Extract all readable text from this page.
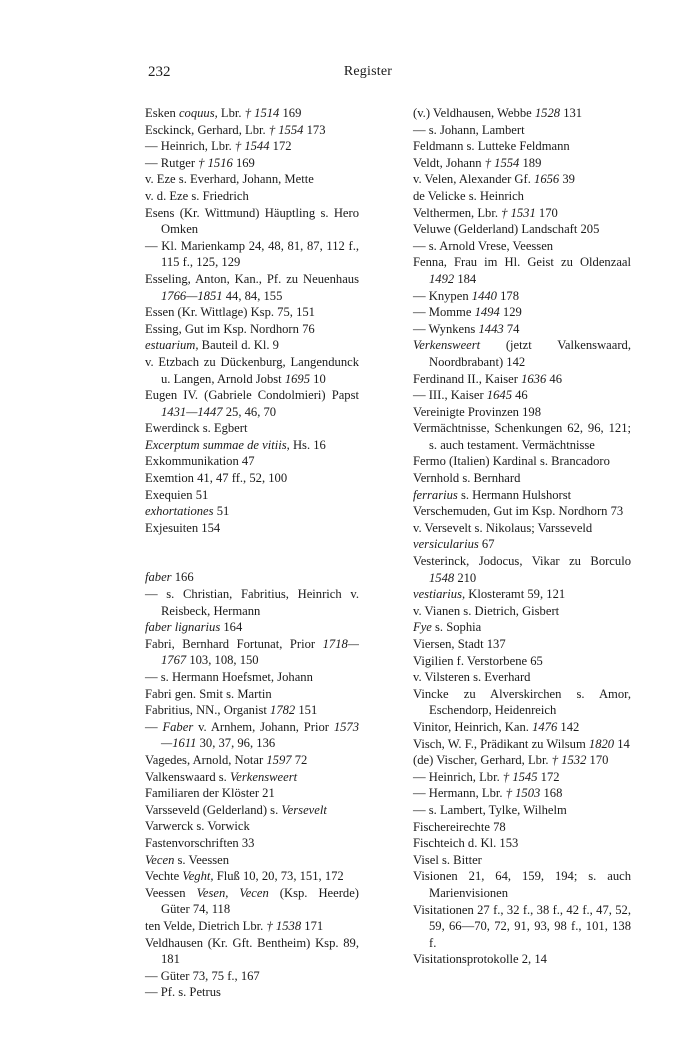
232	Register

Esken coquus, Lbr. † 1514 169

Esckinck, Gerhard, Lbr. † 1554 173

— Heinrich, Lbr. † 1544 172

— Rutger † 1516 169

v. Eze s. Everhard, Johann, Mette

v. d. Eze s. Friedrich

Esens (Kr. Wittmund) Häuptling s. Hero Omken

— Kl. Marienkamp 24, 48, 81, 87, 112 f., 115 f., 125, 129

Esseling, Anton, Kan., Pf. zu Neuenhaus 1766—1851 44, 84, 155

Essen (Kr. Wittlage) Ksp. 75, 151

Essing, Gut im Ksp. Nordhorn 76

estuarium, Bauteil d. Kl. 9

v. Etzbach zu Dückenburg, Langendunck u. Langen, Arnold Jobst 1695 10

Eugen IV. (Gabriele Condolmieri) Papst 1431—1447 25, 46, 70

Ewerdinck s. Egbert

Excerptum summae de vitiis, Hs. 16

Exkommunikation 47

Exemtion 41, 47 ff., 52, 100

Exequien 51

exhortationes 51

Exjesuiten 154

faber 166

— s. Christian, Fabritius, Heinrich v. Reisbeck, Hermann

faber lignarius 164

Fabri, Bernhard Fortunat, Prior 1718—1767 103, 108, 150

— s. Hermann Hoefsmet, Johann

Fabri gen. Smit s. Martin

Fabritius, NN., Organist 1782 151

— Faber v. Arnhem, Johann, Prior 1573—1611 30, 37, 96, 136

Vagedes, Arnold, Notar 1597 72

Valkenswaard s. Verkensweert

Familiaren der Klöster 21

Varsseveld (Gelderland) s. Versevelt

Varwerck s. Vorwick

Fastenvorschriften 33

Vecen s. Veessen

Vechte Veght, Fluß 10, 20, 73, 151, 172

Veessen Vesen, Vecen (Ksp. Heerde) Güter 74, 118

ten Velde, Dietrich Lbr. † 1538 171

Veldhausen (Kr. Gft. Bentheim) Ksp. 89, 181

— Güter 73, 75 f., 167

— Pf. s. Petrus

(v.) Veldhausen, Webbe 1528 131

— s. Johann, Lambert

Feldmann s. Lutteke Feldmann

Veldt, Johann † 1554 189

v. Velen, Alexander Gf. 1656 39

de Velicke s. Heinrich

Velthermen, Lbr. † 1531 170

Veluwe (Gelderland) Landschaft 205

— s. Arnold Vrese, Veessen

Fenna, Frau im Hl. Geist zu Oldenzaal 1492 184

— Knypen 1440 178

— Momme 1494 129

— Wynkens 1443 74

Verkensweert (jetzt Valkenswaard, Noordbrabant) 142

Ferdinand II., Kaiser 1636 46

— III., Kaiser 1645 46

Vereinigte Provinzen 198

Vermächtnisse, Schenkungen 62, 96, 121; s. auch testament. Vermächtnisse

Fermo (Italien) Kardinal s. Brancadoro

Vernhold s. Bernhard

ferrarius s. Hermann Hulshorst

Verschemuden, Gut im Ksp. Nordhorn 73

v. Versevelt s. Nikolaus; Varsseveld

versicularius 67

Vesterinck, Jodocus, Vikar zu Borculo 1548 210

vestiarius, Klosteramt 59, 121

v. Vianen s. Dietrich, Gisbert

Fye s. Sophia

Viersen, Stadt 137

Vigilien f. Verstorbene 65

v. Vilsteren s. Everhard

Vincke zu Alverskirchen s. Amor, Eschendorp, Heidenreich

Vinitor, Heinrich, Kan. 1476 142

Visch, W. F., Prädikant zu Wilsum 1820 14

(de) Vischer, Gerhard, Lbr. † 1532 170

— Heinrich, Lbr. † 1545 172

— Hermann, Lbr. † 1503 168

— s. Lambert, Tylke, Wilhelm

Fischereirechte 78

Fischteich d. Kl. 153

Visel s. Bitter

Visionen 21, 64, 159, 194; s. auch Marienvisionen

Visitationen 27 f., 32 f., 38 f., 42 f., 47, 52, 59, 66—70, 72, 91, 93, 98 f., 101, 138 f.

Visitationsprotokolle 2, 14
